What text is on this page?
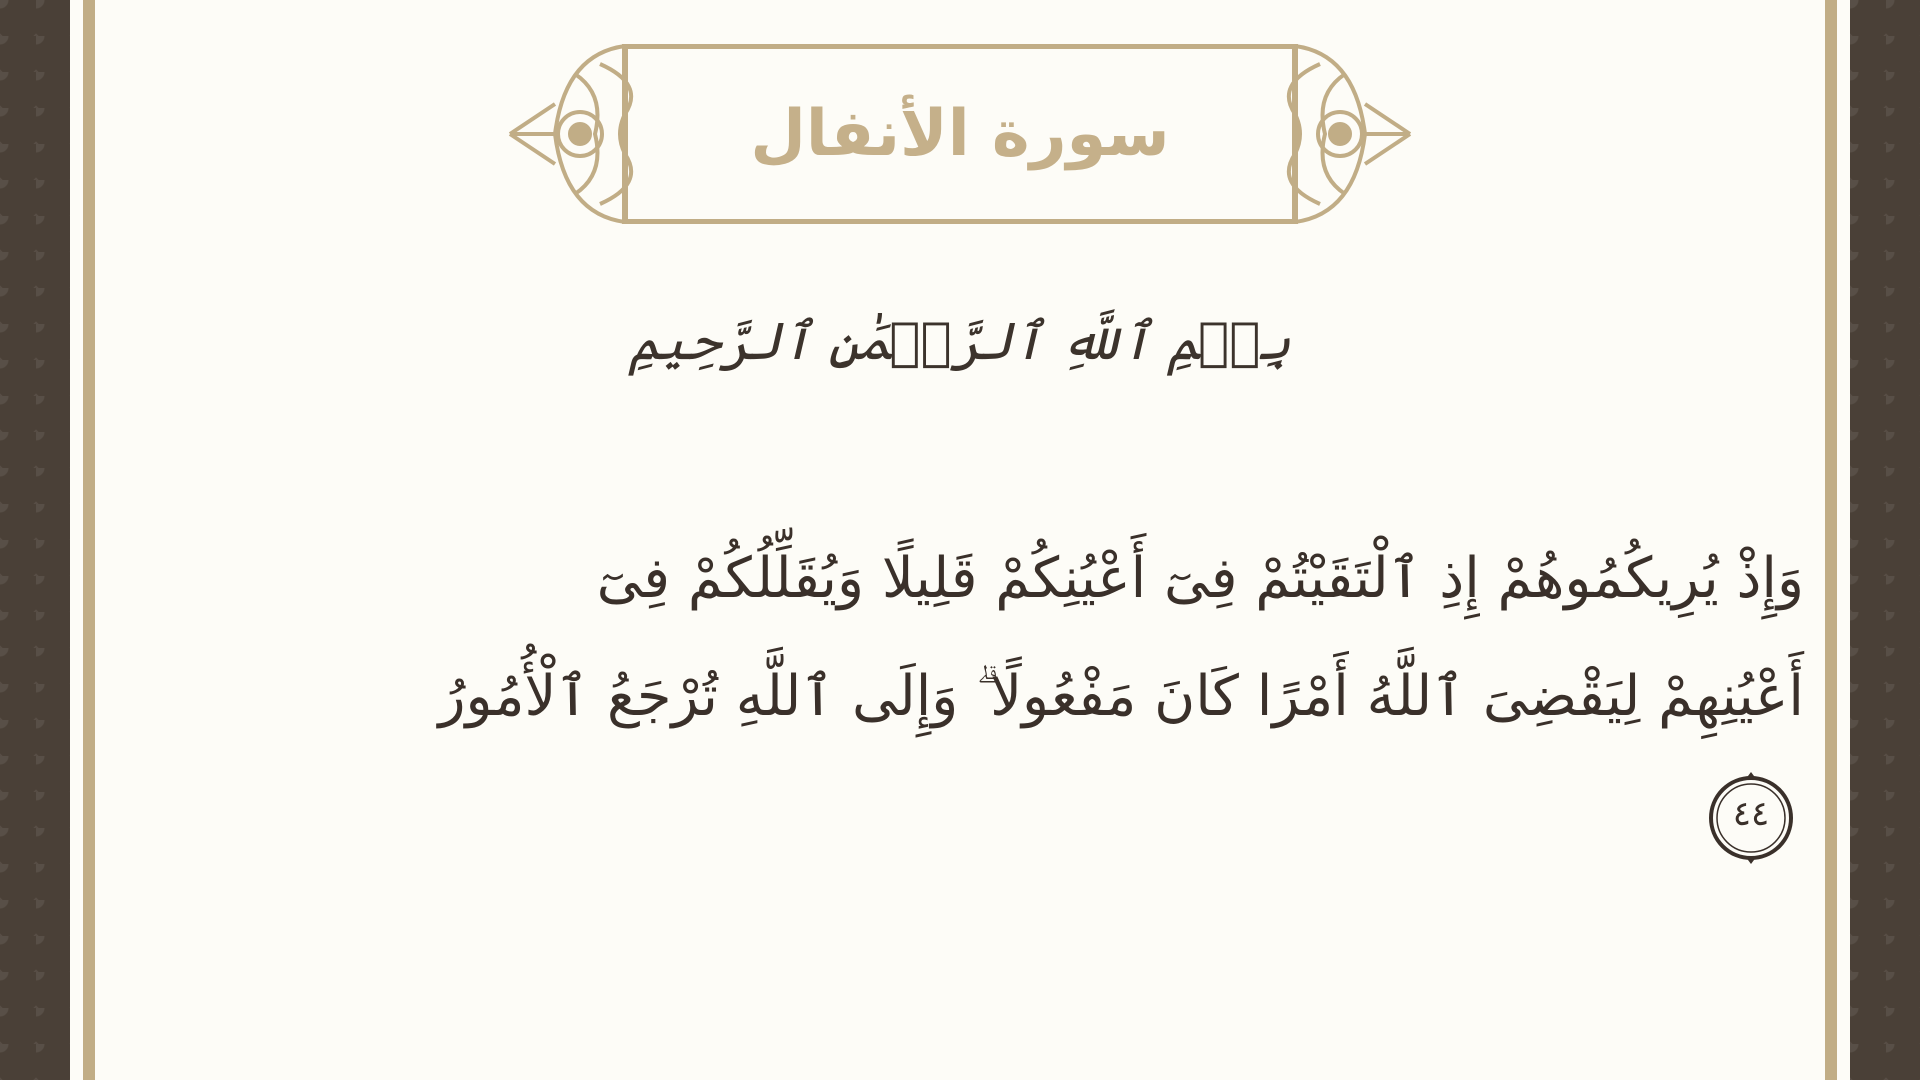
سورة الأنفال
بِسۡمِ ٱللَّهِ ٱلرَّحۡمَٰنِ ٱلرَّحِيمِ
وَإِذْ يُرِيكُمُوهُمْ إِذِ ٱلْتَقَيْتُمْ فِىٓ أَعْيُنِكُمْ قَلِيلًا وَيُقَلِّلُكُمْ فِىٓ
أَعْيُنِهِمْ لِيَقْضِىَ ٱللَّهُ أَمْرًا كَانَ مَفْعُولًا ۗ وَإِلَى ٱللَّهِ تُرْجَعُ ٱلْأُمُورُ
٤٤
